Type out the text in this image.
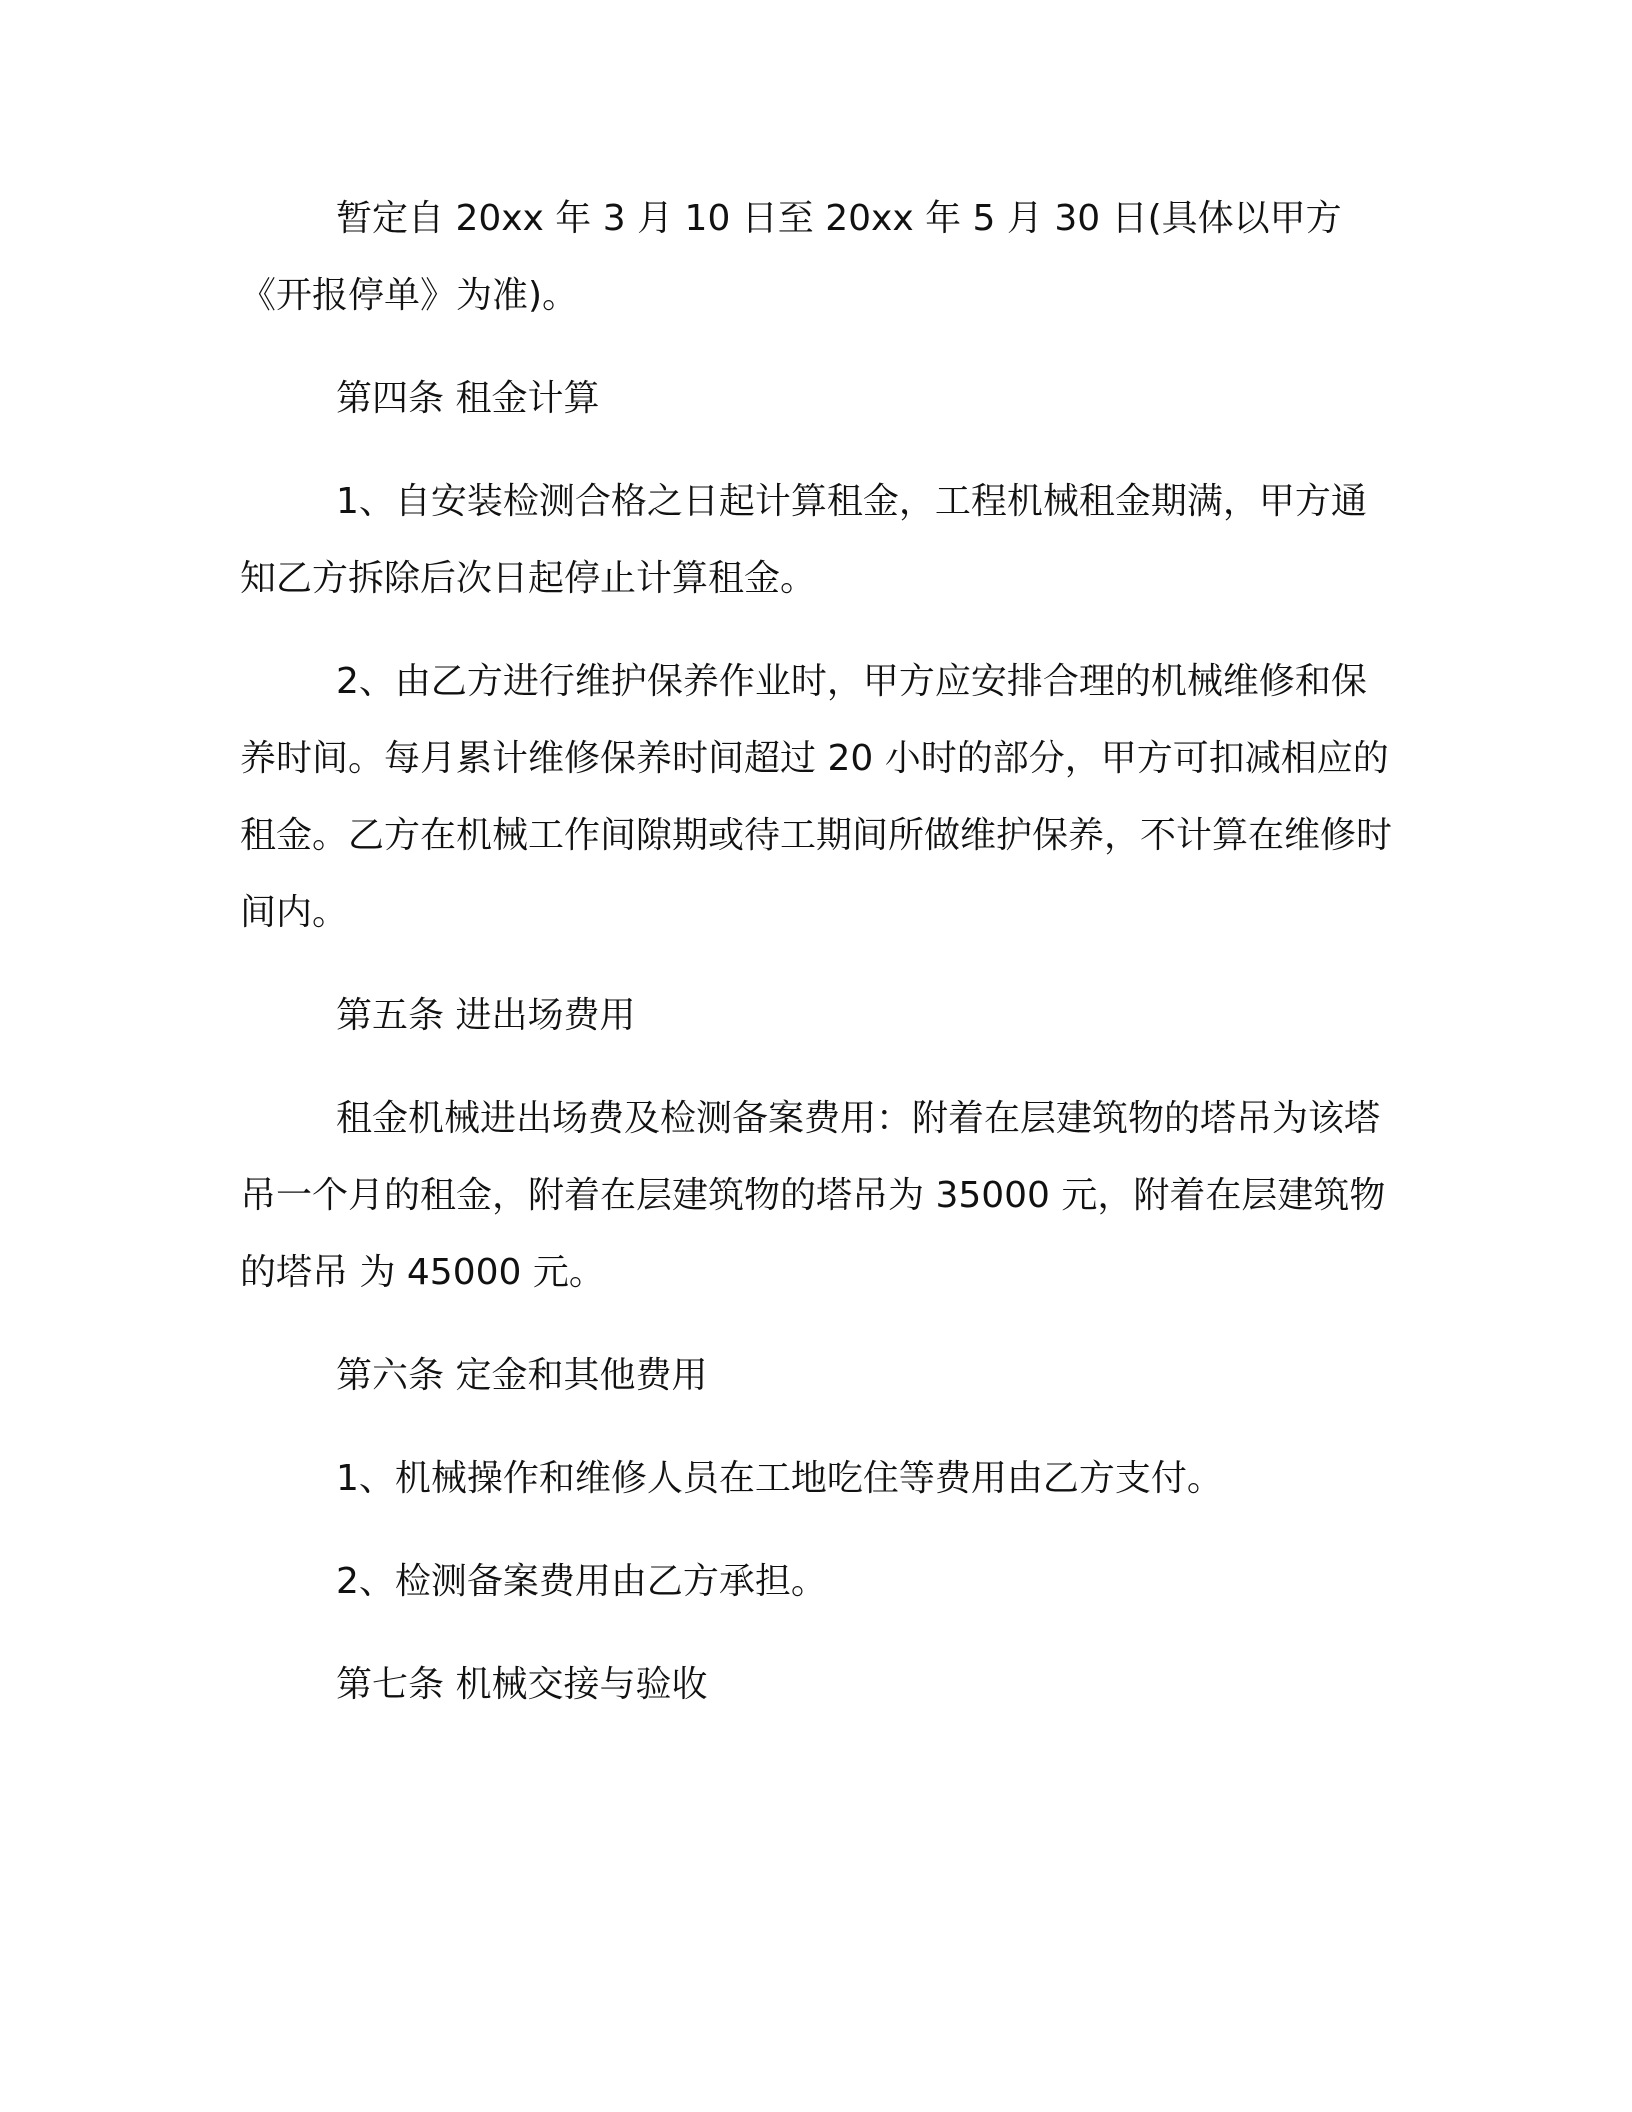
暂定自 20xx 年 3 月 10 日至 20xx 年 5 月 30 日(具体以甲方《开报停单》为准)。

第四条 租金计算

1、自安装检测合格之日起计算租金，工程机械租金期满，甲方通知乙方拆除后次日起停止计算租金。

2、由乙方进行维护保养作业时，甲方应安排合理的机械维修和保养时间。每月累计维修保养时间超过 20 小时的部分，甲方可扣减相应的租金。乙方在机械工作间隙期或待工期间所做维护保养，不计算在维修时间内。

第五条 进出场费用

租金机械进出场费及检测备案费用：附着在层建筑物的塔吊为该塔吊一个月的租金，附着在层建筑物的塔吊为 35000 元，附着在层建筑物的塔吊 为 45000 元。

第六条 定金和其他费用

1、机械操作和维修人员在工地吃住等费用由乙方支付。

2、检测备案费用由乙方承担。

第七条 机械交接与验收
